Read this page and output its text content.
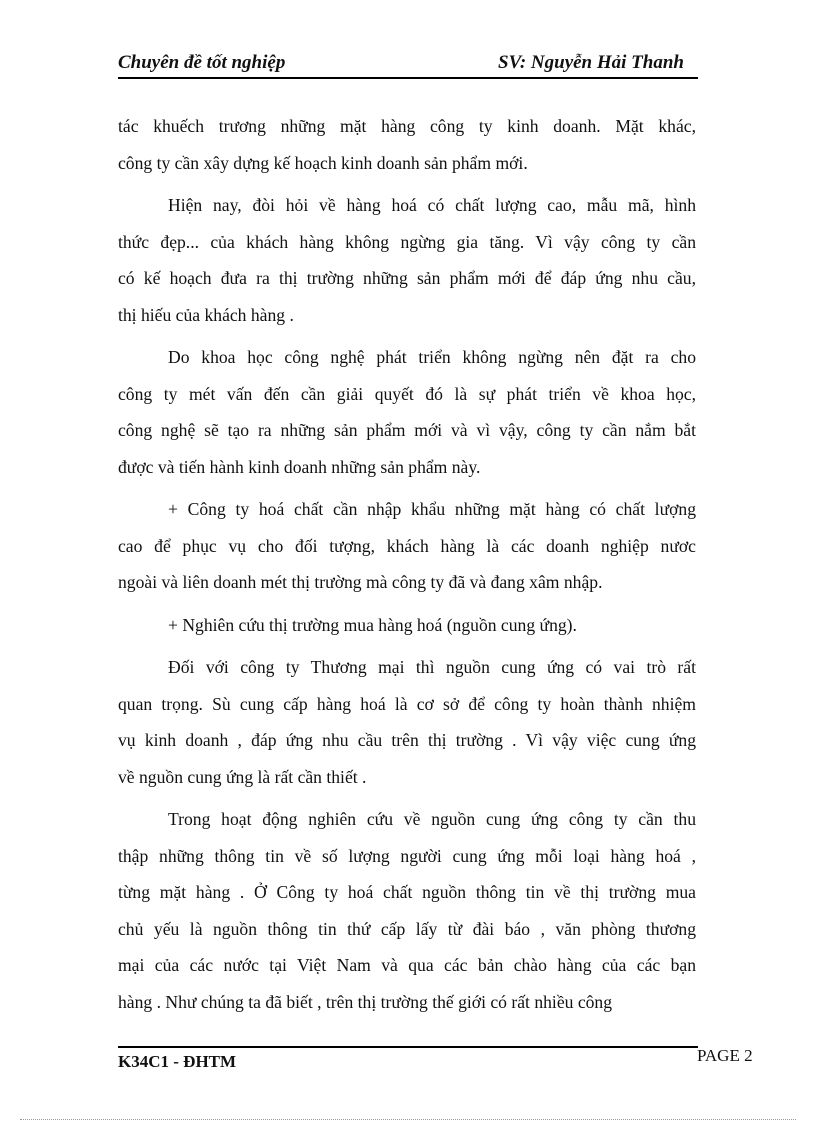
Chuyên đề tốt nghiệp	SV: Nguyễn Hải Thanh

tác khuếch trương những mặt hàng công ty kinh doanh. Mặt khác,
công ty cần xây dựng kế hoạch kinh doanh sản phẩm mới.

Hiện nay, đòi hỏi về hàng hoá có chất lượng cao, mẫu mã, hình
thức đẹp... của khách hàng không ngừng gia tăng. Vì vậy công ty cần
có kế hoạch đưa ra thị trường những sản phẩm mới để đáp ứng nhu cầu,
thị hiếu của khách hàng .

Do khoa học công nghệ phát triển không ngừng nên đặt ra cho
công ty mét vấn đến cần giải quyết đó là sự phát triển về khoa học,
công nghệ sẽ tạo ra những sản phẩm mới và vì vậy, công ty cần nắm bắt
được và tiến hành kinh doanh những sản phẩm này.

+ Công ty hoá chất cần nhập khẩu những mặt hàng có chất lượng
cao để phục vụ cho đối tượng, khách hàng là các doanh nghiệp nươc
ngoài và liên doanh mét thị trường mà công ty đã và đang xâm nhập.

+ Nghiên cứu thị trường mua hàng hoá (nguồn cung ứng).

Đối với công ty Thương mại thì nguồn cung ứng có vai trò rất
quan trọng. Sù cung cấp hàng hoá là cơ sở để công ty hoàn thành nhiệm
vụ kinh doanh , đáp ứng nhu cầu trên thị trường . Vì vậy việc cung ứng
về nguồn cung ứng là rất cần thiết .

Trong hoạt động nghiên cứu về nguồn cung ứng công ty cần thu
thập những thông tin về số lượng người cung ứng mỗi loại hàng hoá ,
từng mặt hàng . Ở Công ty hoá chất nguồn thông tin về thị trường mua
chủ yếu là nguồn thông tin thứ cấp lấy từ đài báo , văn phòng thương
mại của các nước tại Việt Nam và qua các bản chào hàng của các bạn
hàng . Như chúng ta đã biết , trên thị trường thế giới có rất nhiều công

K34C1 - ĐHTM	PAGE 2
